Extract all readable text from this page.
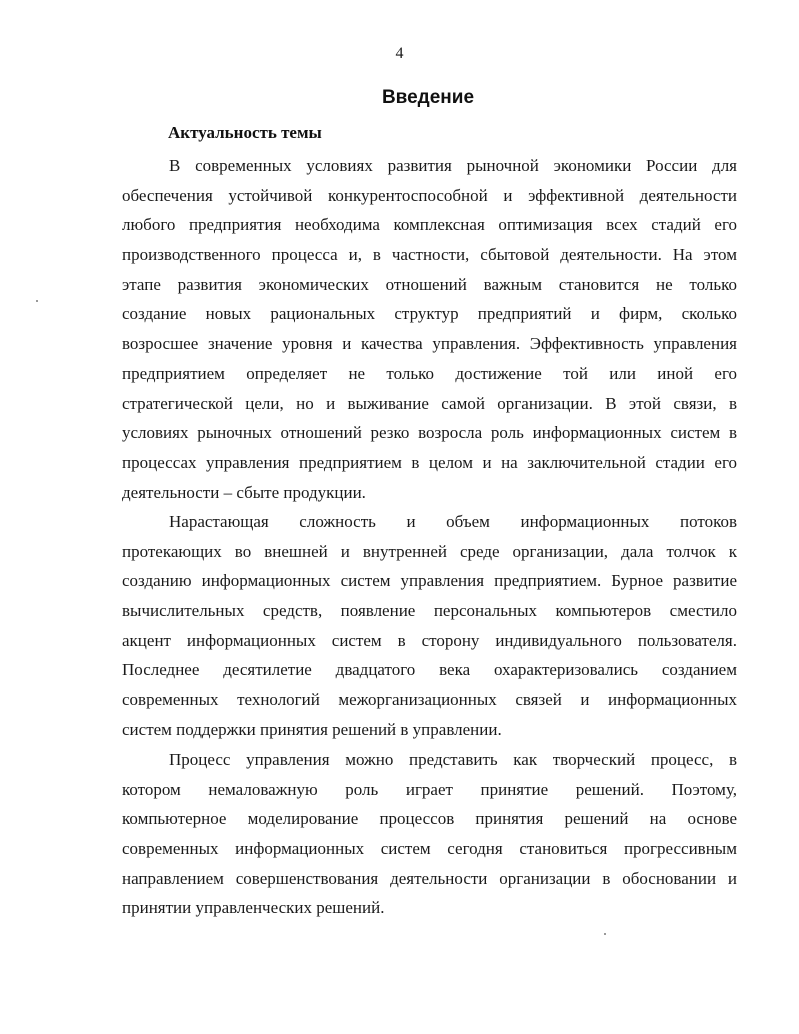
4
Введение
Актуальность темы
В современных условиях развития рыночной экономики России для
обеспечения устойчивой конкурентоспособной и эффективной деятельности
любого предприятия необходима комплексная оптимизация всех стадий его
производственного процесса и, в частности, сбытовой деятельности. На этом
этапе развития экономических отношений важным становится не только
создание новых рациональных структур предприятий и фирм, сколько
возросшее значение уровня и качества управления. Эффективность управления
предприятием определяет не только достижение той или иной его
стратегической цели, но и выживание самой организации. В этой связи, в
условиях рыночных отношений резко возросла роль информационных систем в
процессах управления предприятием в целом и на заключительной стадии его
деятельности – сбыте продукции.
Нарастающая сложность и объем информационных потоков
протекающих во внешней и внутренней среде организации, дала толчок к
созданию информационных систем управления предприятием. Бурное развитие
вычислительных средств, появление персональных компьютеров сместило
акцент информационных систем в сторону индивидуального пользователя.
Последнее десятилетие двадцатого века охарактеризовались созданием
современных технологий межорганизационных связей и информационных
систем поддержки принятия решений в управлении.
Процесс управления можно представить как творческий процесс, в
котором немаловажную роль играет принятие решений. Поэтому,
компьютерное моделирование процессов принятия решений на основе
современных информационных систем сегодня становиться прогрессивным
направлением совершенствования деятельности организации в обосновании и
принятии управленческих решений.
